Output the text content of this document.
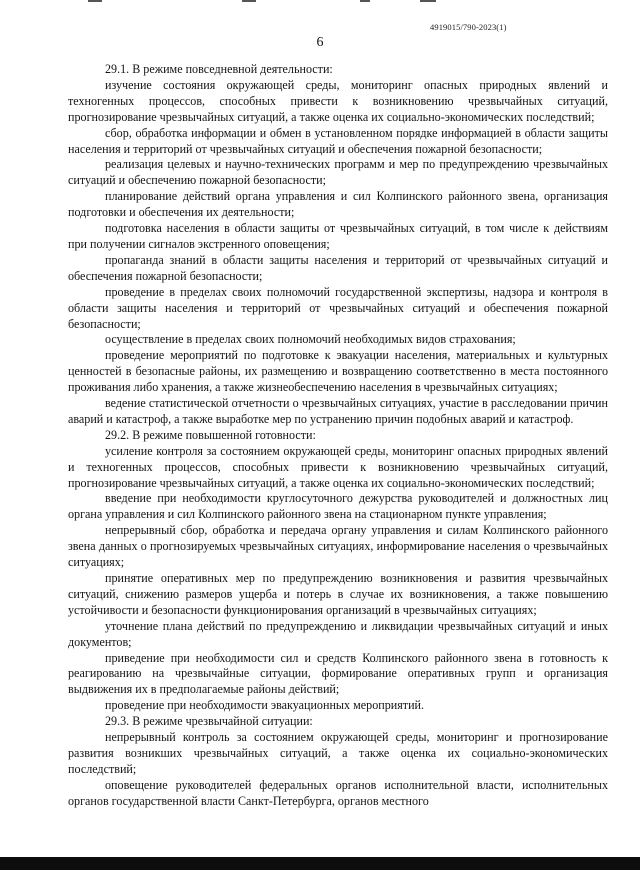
4919015/790-2023(1)
6

29.1. В режиме повседневной деятельности:

изучение состояния окружающей среды, мониторинг опасных природных явлений и техногенных процессов, способных привести к возникновению чрезвычайных ситуаций, прогнозирование чрезвычайных ситуаций, а также оценка их социально-экономических последствий;

сбор, обработка информации и обмен в установленном порядке информацией в области защиты населения и территорий от чрезвычайных ситуаций и обеспечения пожарной безопасности;

реализация целевых и научно-технических программ и мер по предупреждению чрезвычайных ситуаций и обеспечению пожарной безопасности;

планирование действий органа управления и сил Колпинского районного звена, организация подготовки и обеспечения их деятельности;

подготовка населения в области защиты от чрезвычайных ситуаций, в том числе к действиям при получении сигналов экстренного оповещения;

пропаганда знаний в области защиты населения и территорий от чрезвычайных ситуаций и обеспечения пожарной безопасности;

проведение в пределах своих полномочий государственной экспертизы, надзора и контроля в области защиты населения и территорий от чрезвычайных ситуаций и обеспечения пожарной безопасности;

осуществление в пределах своих полномочий необходимых видов страхования;

проведение мероприятий по подготовке к эвакуации населения, материальных и культурных ценностей в безопасные районы, их размещению и возвращению соответственно в места постоянного проживания либо хранения, а также жизнеобеспечению населения в чрезвычайных ситуациях;

ведение статистической отчетности о чрезвычайных ситуациях, участие в расследовании причин аварий и катастроф, а также выработке мер по устранению причин подобных аварий и катастроф.

29.2. В режиме повышенной готовности:

усиление контроля за состоянием окружающей среды, мониторинг опасных природных явлений и техногенных процессов, способных привести к возникновению чрезвычайных ситуаций, прогнозирование чрезвычайных ситуаций, а также оценка их социально-экономических последствий;

введение при необходимости круглосуточного дежурства руководителей и должностных лиц органа управления и сил Колпинского районного звена на стационарном пункте управления;

непрерывный сбор, обработка и передача органу управления и силам Колпинского районного звена данных о прогнозируемых чрезвычайных ситуациях, информирование населения о чрезвычайных ситуациях;

принятие оперативных мер по предупреждению возникновения и развития чрезвычайных ситуаций, снижению размеров ущерба и потерь в случае их возникновения, а также повышению устойчивости и безопасности функционирования организаций в чрезвычайных ситуациях;

уточнение плана действий по предупреждению и ликвидации чрезвычайных ситуаций и иных документов;

приведение при необходимости сил и средств Колпинского районного звена в готовность к реагированию на чрезвычайные ситуации, формирование оперативных групп и организация выдвижения их в предполагаемые районы действий;

проведение при необходимости эвакуационных мероприятий.

29.3. В режиме чрезвычайной ситуации:

непрерывный контроль за состоянием окружающей среды, мониторинг и прогнозирование развития возникших чрезвычайных ситуаций, а также оценка их социально-экономических последствий;

оповещение руководителей федеральных органов исполнительной власти, исполнительных органов государственной власти Санкт-Петербурга, органов местного
